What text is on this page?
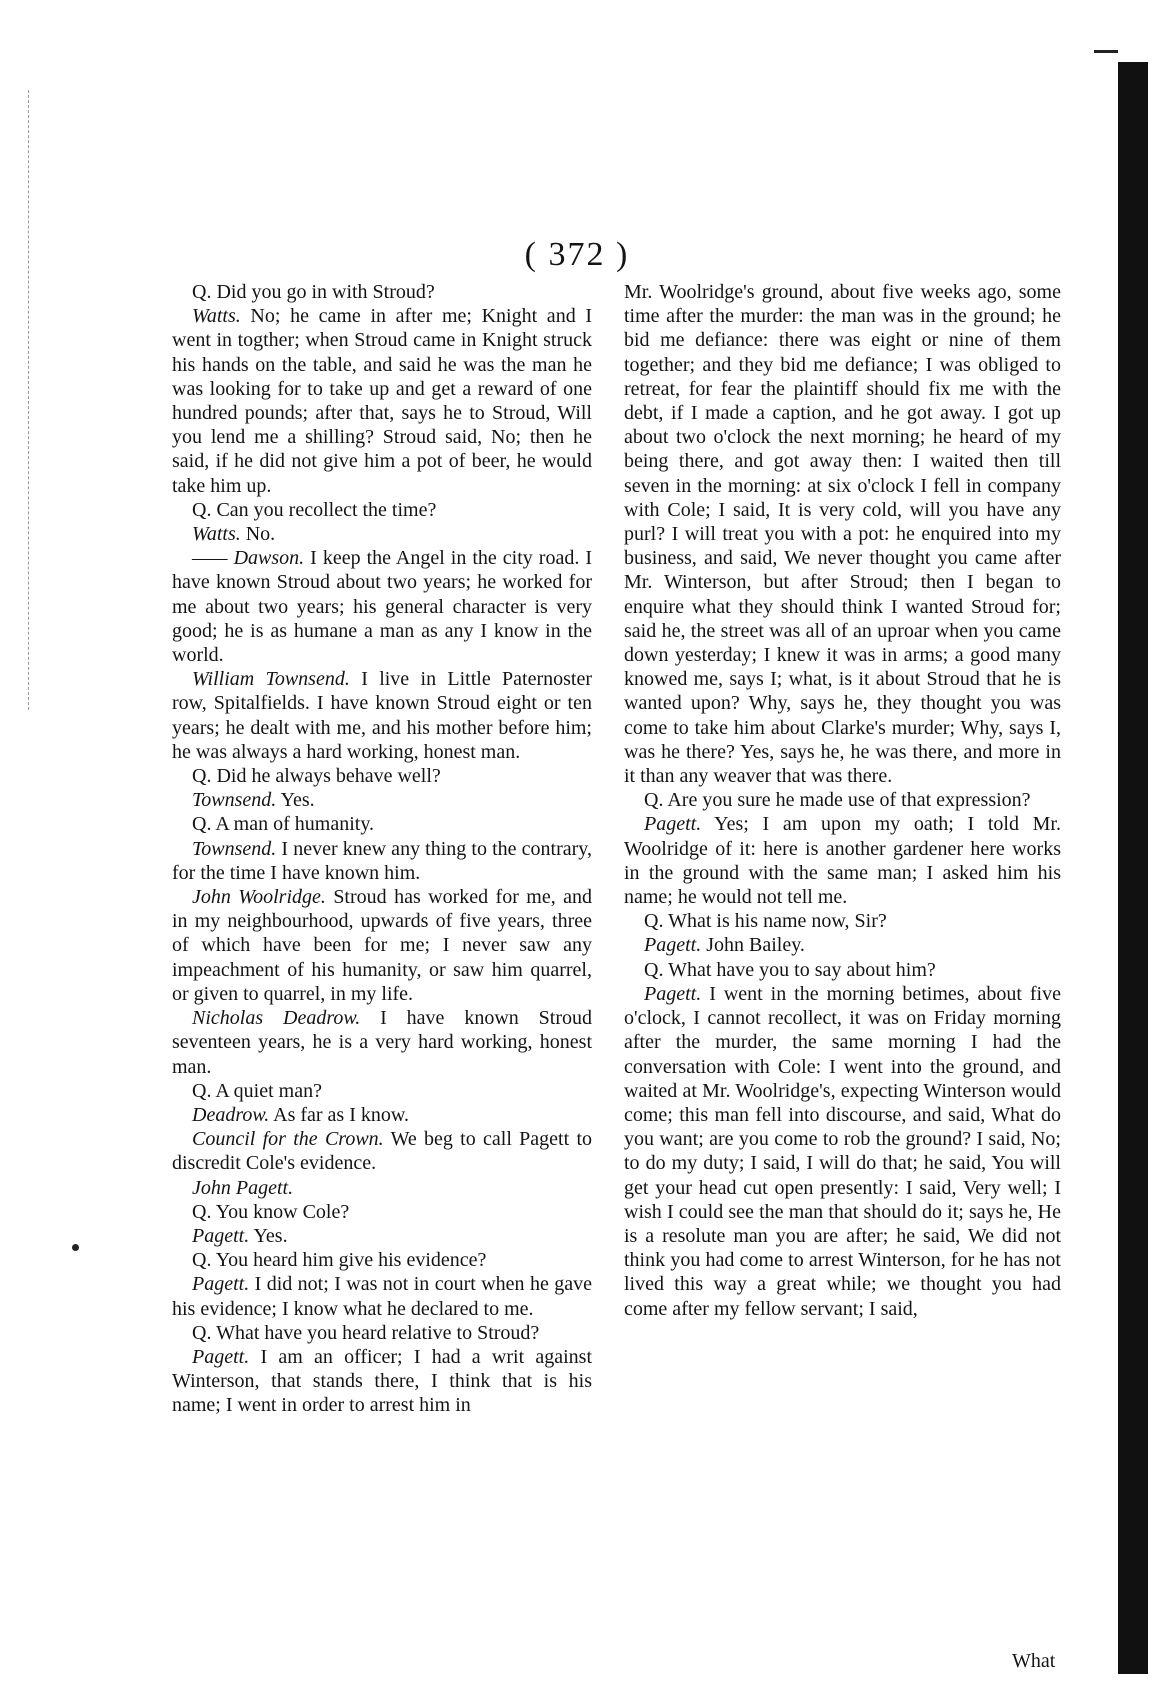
( 372 )

Q. Did you go in with Stroud?

Watts. No; he came in after me; Knight and I went in togther; when Stroud came in Knight struck his hands on the table, and said he was the man he was looking for to take up and get a reward of one hundred pounds; after that, says he to Stroud, Will you lend me a shilling? Stroud said, No; then he said, if he did not give him a pot of beer, he would take him up.

Q. Can you recollect the time?

Watts. No.

—— Dawson. I keep the Angel in the city road. I have known Stroud about two years; he worked for me about two years; his general character is very good; he is as humane a man as any I know in the world.

William Townsend. I live in Little Paternoster row, Spitalfields. I have known Stroud eight or ten years; he dealt with me, and his mother before him; he was always a hard working, honest man.

Q. Did he always behave well?

Townsend. Yes.

Q. A man of humanity.

Townsend. I never knew any thing to the contrary, for the time I have known him.

John Woolridge. Stroud has worked for me, and in my neighbourhood, upwards of five years, three of which have been for me; I never saw any impeachment of his humanity, or saw him quarrel, or given to quarrel, in my life.

Nicholas Deadrow. I have known Stroud seventeen years, he is a very hard working, honest man.

Q. A quiet man?

Deadrow. As far as I know.

Council for the Crown. We beg to call Pagett to discredit Cole's evidence.

John Pagett.

Q. You know Cole?

Pagett. Yes.

Q. You heard him give his evidence?

Pagett. I did not; I was not in court when he gave his evidence; I know what he declared to me.

Q. What have you heard relative to Stroud?

Pagett. I am an officer; I had a writ against Winterson, that stands there, I think that is his name; I went in order to arrest him in

Mr. Woolridge's ground, about five weeks ago, some time after the murder: the man was in the ground; he bid me defiance: there was eight or nine of them together; and they bid me defiance; I was obliged to retreat, for fear the plaintiff should fix me with the debt, if I made a caption, and he got away. I got up about two o'clock the next morning; he heard of my being there, and got away then: I waited then till seven in the morning: at six o'clock I fell in company with Cole; I said, It is very cold, will you have any purl? I will treat you with a pot: he enquired into my business, and said, We never thought you came after Mr. Winterson, but after Stroud; then I began to enquire what they should think I wanted Stroud for; said he, the street was all of an uproar when you came down yesterday; I knew it was in arms; a good many knowed me, says I; what, is it about Stroud that he is wanted upon? Why, says he, they thought you was come to take him about Clarke's murder; Why, says I, was he there? Yes, says he, he was there, and more in it than any weaver that was there.

Q. Are you sure he made use of that expression?

Pagett. Yes; I am upon my oath; I told Mr. Woolridge of it: here is another gardener here works in the ground with the same man; I asked him his name; he would not tell me.

Q. What is his name now, Sir?

Pagett. John Bailey.

Q. What have you to say about him?

Pagett. I went in the morning betimes, about five o'clock, I cannot recollect, it was on Friday morning after the murder, the same morning I had the conversation with Cole: I went into the ground, and waited at Mr. Woolridge's, expecting Winterson would come; this man fell into discourse, and said, What do you want; are you come to rob the ground? I said, No; to do my duty; I said, I will do that; he said, You will get your head cut open presently: I said, Very well; I wish I could see the man that should do it; says he, He is a resolute man you are after; he said, We did not think you had come to arrest Winterson, for he has not lived this way a great while; we thought you had come after my fellow servant; I said,

What
